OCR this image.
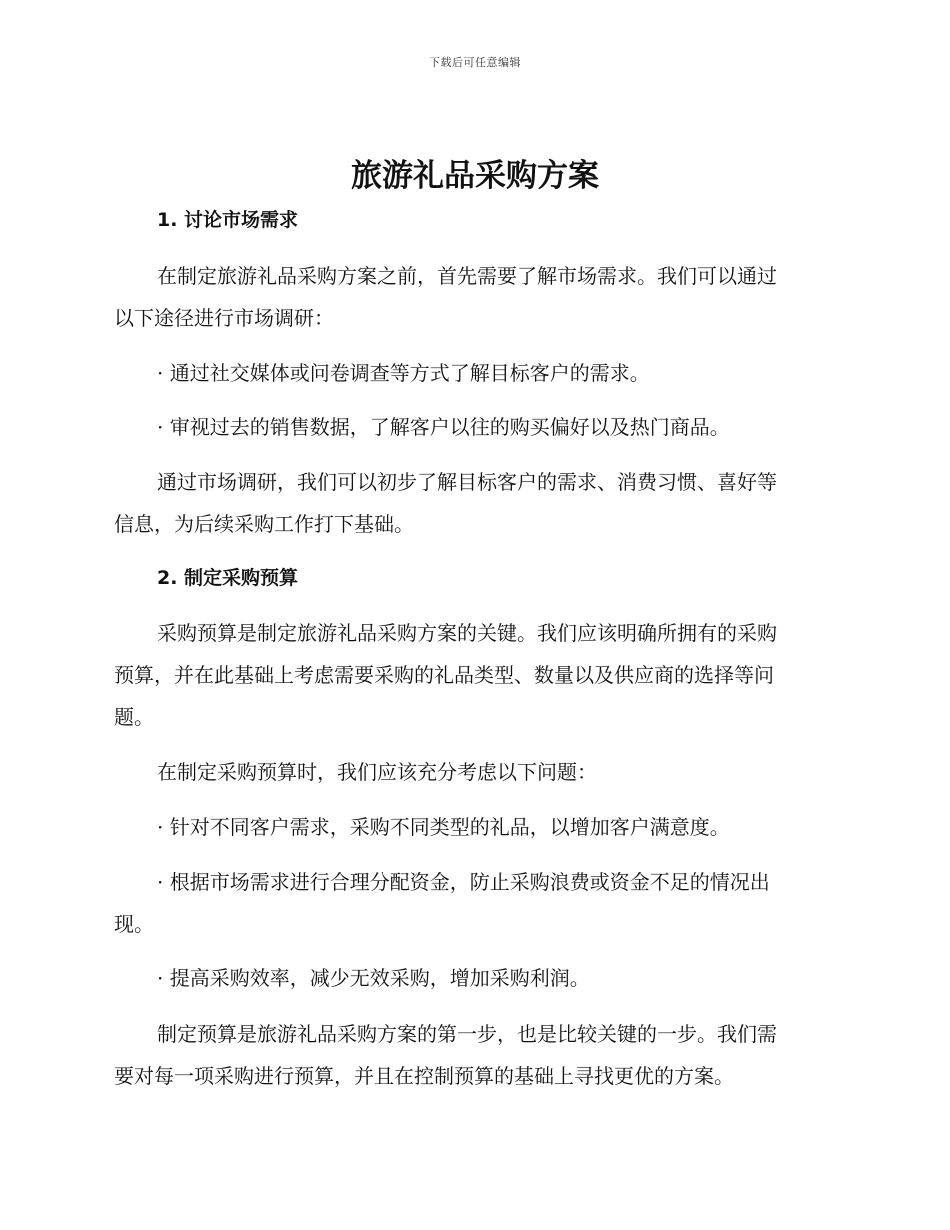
下载后可任意编辑
旅游礼品采购方案
1. 讨论市场需求
在制定旅游礼品采购方案之前，首先需要了解市场需求。我们可以通过
以下途径进行市场调研：
· 通过社交媒体或问卷调查等方式了解目标客户的需求。
· 审视过去的销售数据，了解客户以往的购买偏好以及热门商品。
通过市场调研，我们可以初步了解目标客户的需求、消费习惯、喜好等
信息，为后续采购工作打下基础。
2. 制定采购预算
采购预算是制定旅游礼品采购方案的关键。我们应该明确所拥有的采购
预算，并在此基础上考虑需要采购的礼品类型、数量以及供应商的选择等问
题。
在制定采购预算时，我们应该充分考虑以下问题：
· 针对不同客户需求，采购不同类型的礼品，以增加客户满意度。
· 根据市场需求进行合理分配资金，防止采购浪费或资金不足的情况出
现。
· 提高采购效率，减少无效采购，增加采购利润。
制定预算是旅游礼品采购方案的第一步，也是比较关键的一步。我们需
要对每一项采购进行预算，并且在控制预算的基础上寻找更优的方案。
